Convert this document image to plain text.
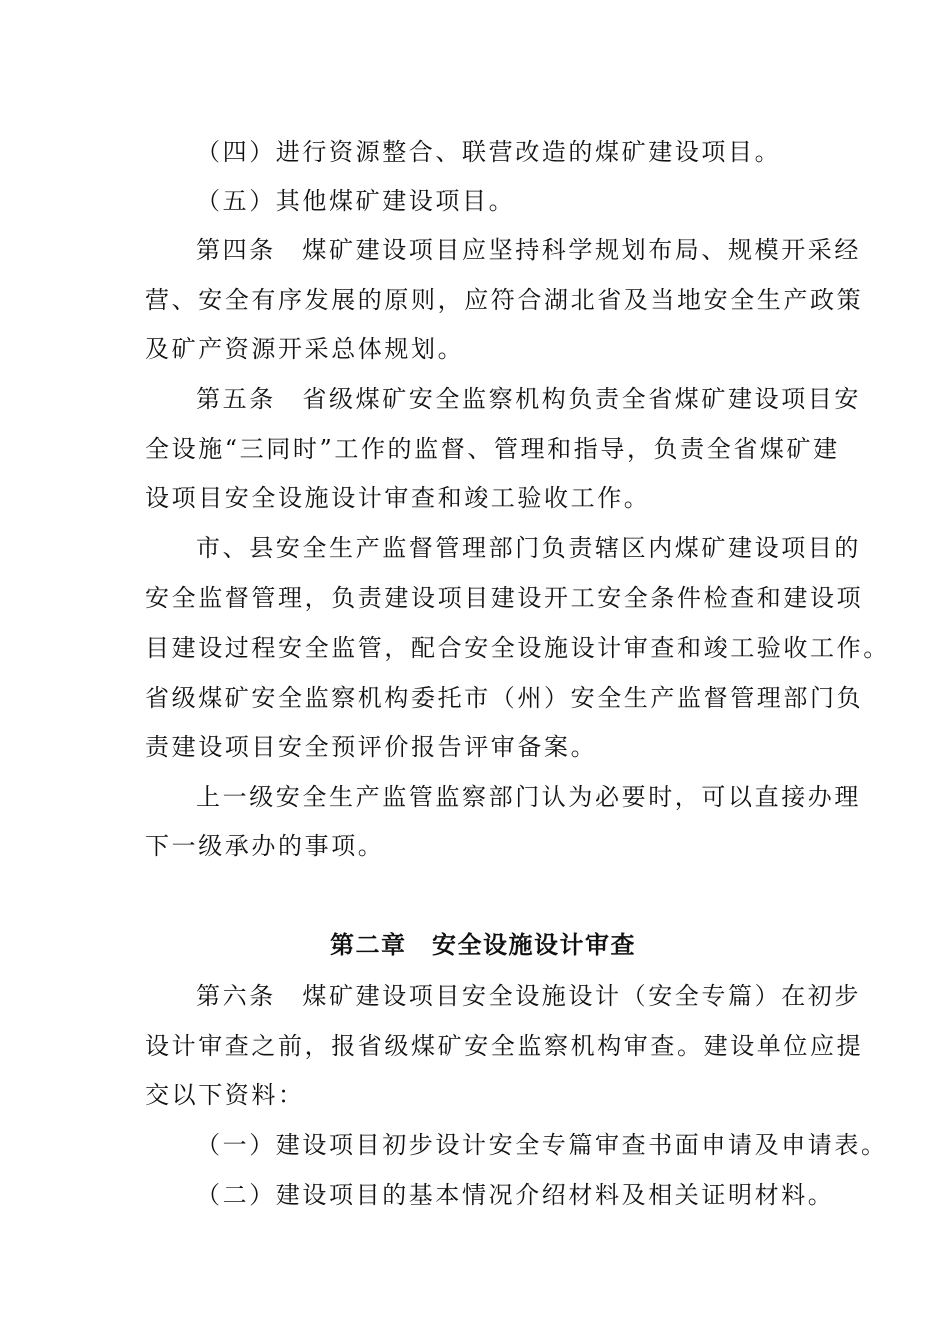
（四）进行资源整合、联营改造的煤矿建设项目。
（五）其他煤矿建设项目。
第四条　煤矿建设项目应坚持科学规划布局、规模开采经
营、安全有序发展的原则，应符合湖北省及当地安全生产政策
及矿产资源开采总体规划。
第五条　省级煤矿安全监察机构负责全省煤矿建设项目安
全设施“三同时”工作的监督、管理和指导，负责全省煤矿建
设项目安全设施设计审查和竣工验收工作。
市、县安全生产监督管理部门负责辖区内煤矿建设项目的
安全监督管理，负责建设项目建设开工安全条件检查和建设项
目建设过程安全监管，配合安全设施设计审查和竣工验收工作。
省级煤矿安全监察机构委托市（州）安全生产监督管理部门负
责建设项目安全预评价报告评审备案。
上一级安全生产监管监察部门认为必要时，可以直接办理
下一级承办的事项。
第二章　安全设施设计审查
第六条　煤矿建设项目安全设施设计（安全专篇）在初步
设计审查之前，报省级煤矿安全监察机构审查。建设单位应提
交以下资料：
（一）建设项目初步设计安全专篇审查书面申请及申请表。
（二）建设项目的基本情况介绍材料及相关证明材料。
